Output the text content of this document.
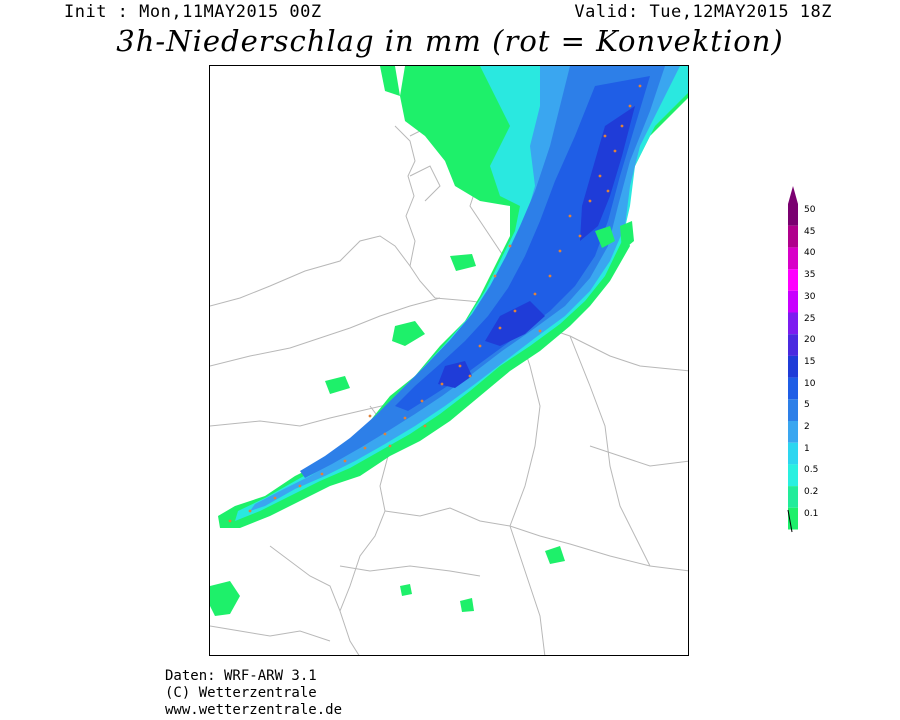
Init : Mon,11MAY2015 00Z	Valid: Tue,12MAY2015 18Z
3h-Niederschlag in mm (rot = Konvektion)
50
45
40
35
30
25
20
15
10
5
2
1
0.5
0.2
0.1
Daten: WRF-ARW 3.1
(C) Wetterzentrale
www.wetterzentrale.de
